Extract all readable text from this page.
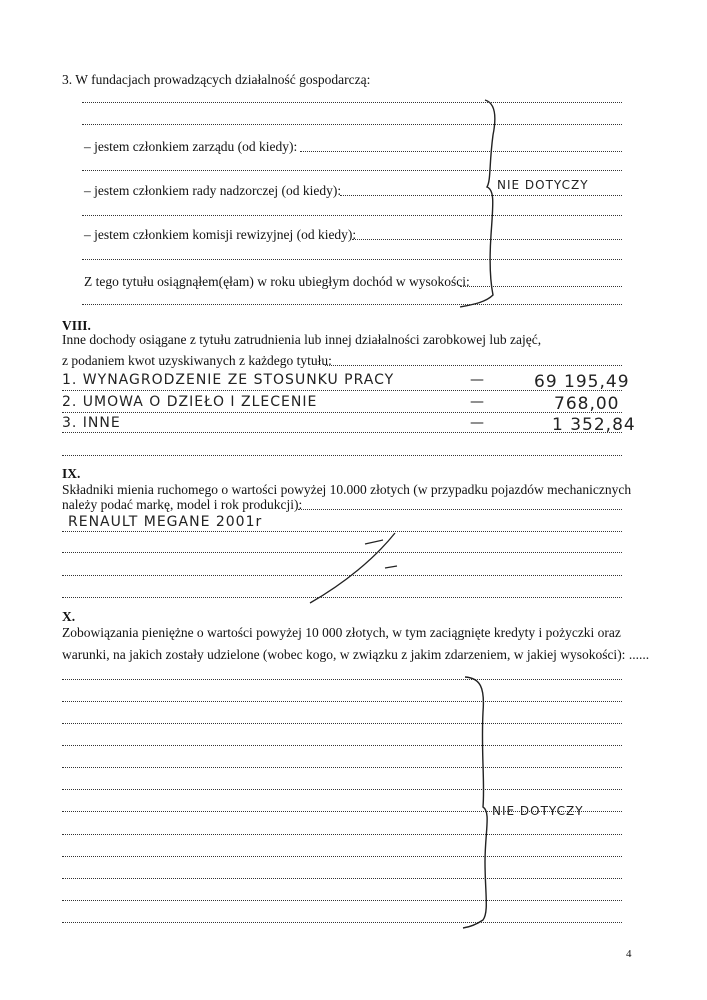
3. W fundacjach prowadzących działalność gospodarczą:
– jestem członkiem zarządu (od kiedy):
– jestem członkiem rady nadzorczej (od kiedy):
– jestem członkiem komisji rewizyjnej (od kiedy):
Z tego tytułu osiągnąłem(ęłam) w roku ubiegłym dochód w wysokości:
NIE DOTYCZY
VIII.
Inne dochody osiągane z tytułu zatrudnienia lub innej działalności zarobkowej lub zajęć,
z podaniem kwot uzyskiwanych z każdego tytułu:
1. WYNAGRODZENIE ZE STOSUNKU PRACY	—	69 195,49
2. UMOWA O DZIEŁO I ZLECENIE	—	768,00
3. INNE	—	1 352,84
IX.
Składniki mienia ruchomego o wartości powyżej 10.000 złotych (w przypadku pojazdów mechanicznych
należy podać markę, model i rok produkcji):
RENAULT MEGANE 2001r
X.
Zobowiązania pieniężne o wartości powyżej 10 000 złotych, w tym zaciągnięte kredyty i pożyczki oraz
warunki, na jakich zostały udzielone (wobec kogo, w związku z jakim zdarzeniem, w jakiej wysokości): ......
NIE DOTYCZY
4
